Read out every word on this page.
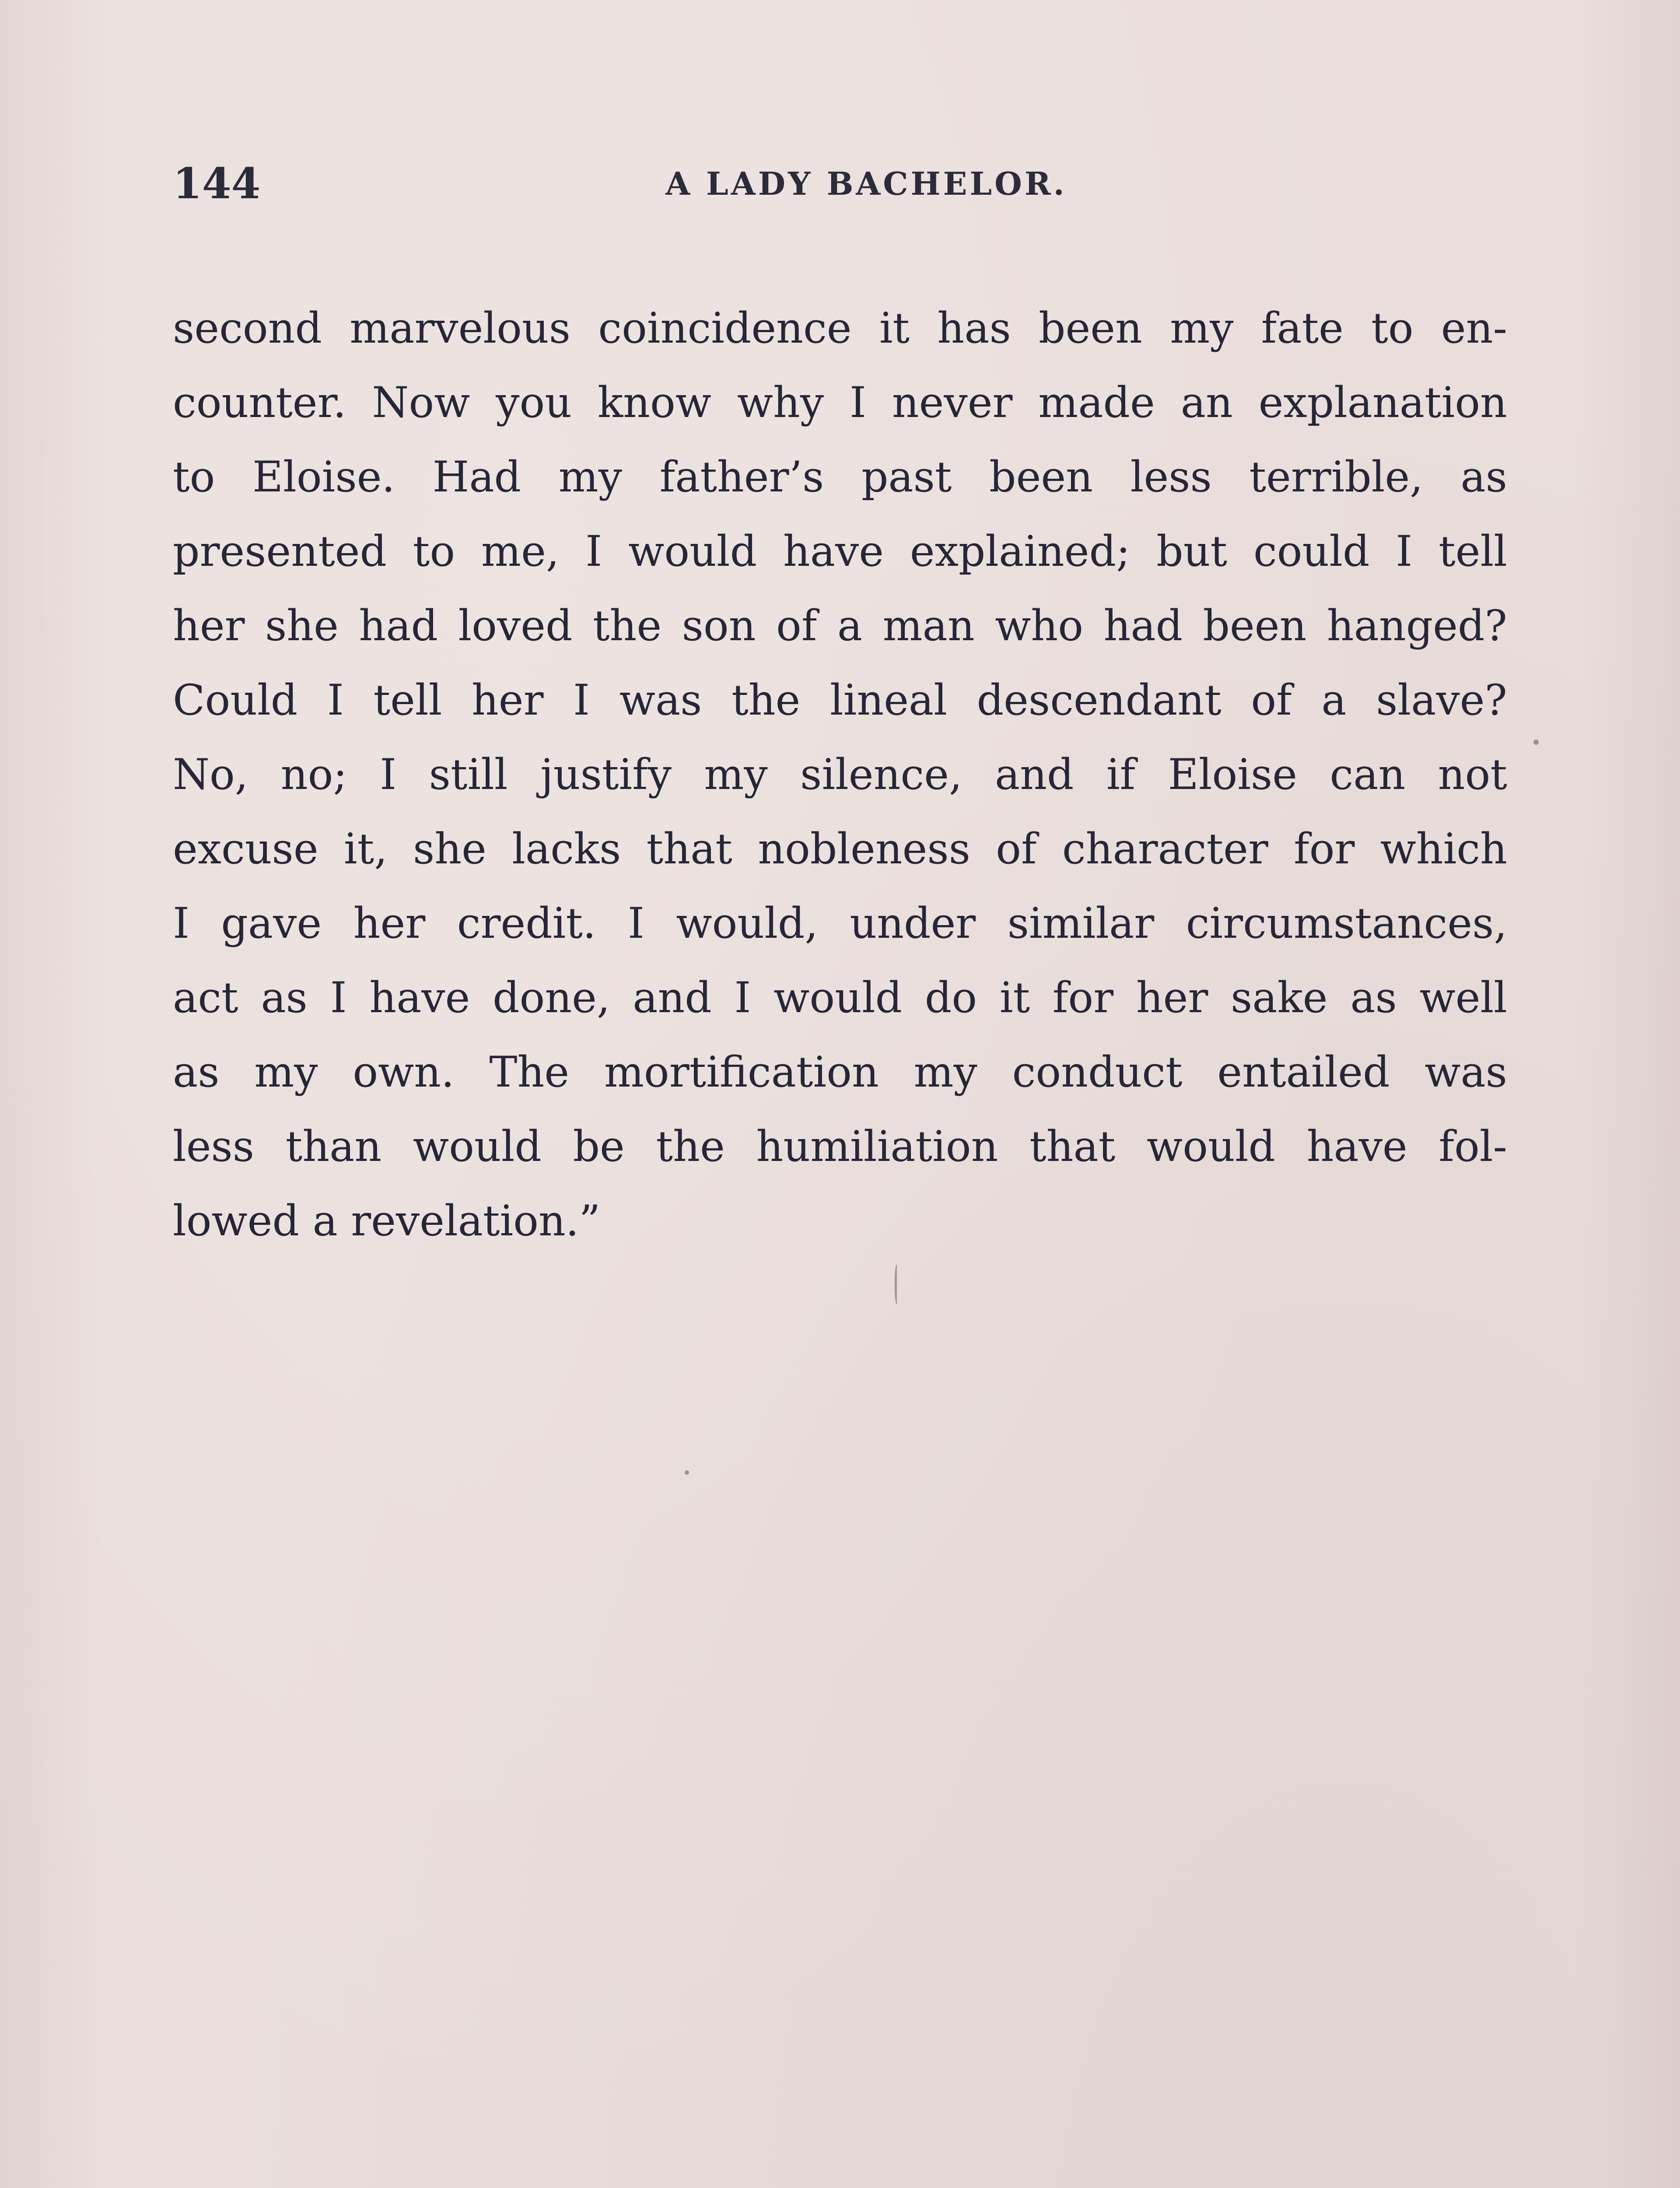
144	A LADY BACHELOR.
second marvelous coincidence it has been my fate to en-
counter. Now you know why I never made an explanation
to Eloise. Had my father’s past been less terrible, as
presented to me, I would have explained; but could I tell
her she had loved the son of a man who had been hanged?
Could I tell her I was the lineal descendant of a slave?
No, no; I still justify my silence, and if Eloise can not
excuse it, she lacks that nobleness of character for which
I gave her credit. I would, under similar circumstances,
act as I have done, and I would do it for her sake as well
as my own. The mortification my conduct entailed was
less than would be the humiliation that would have fol-
lowed a revelation.”
